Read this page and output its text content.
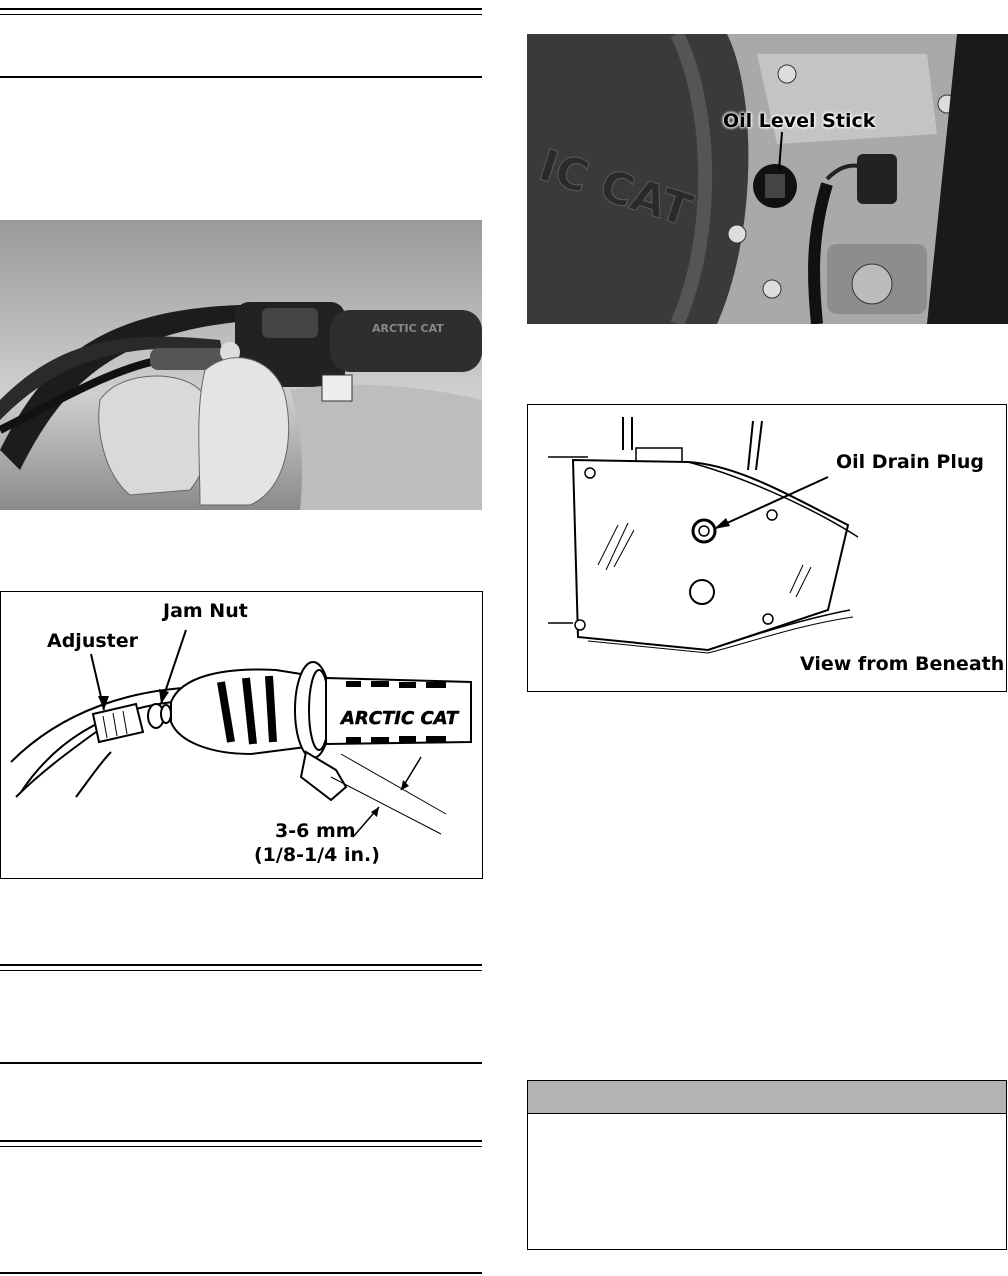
ARCTIC CAT
ARCTIC CAT
Jam Nut
Adjuster
3-6 mm
(1/8-1/4 in.)
IC CAT
Oil Level Stick
Oil Drain Plug
View from Beneath
